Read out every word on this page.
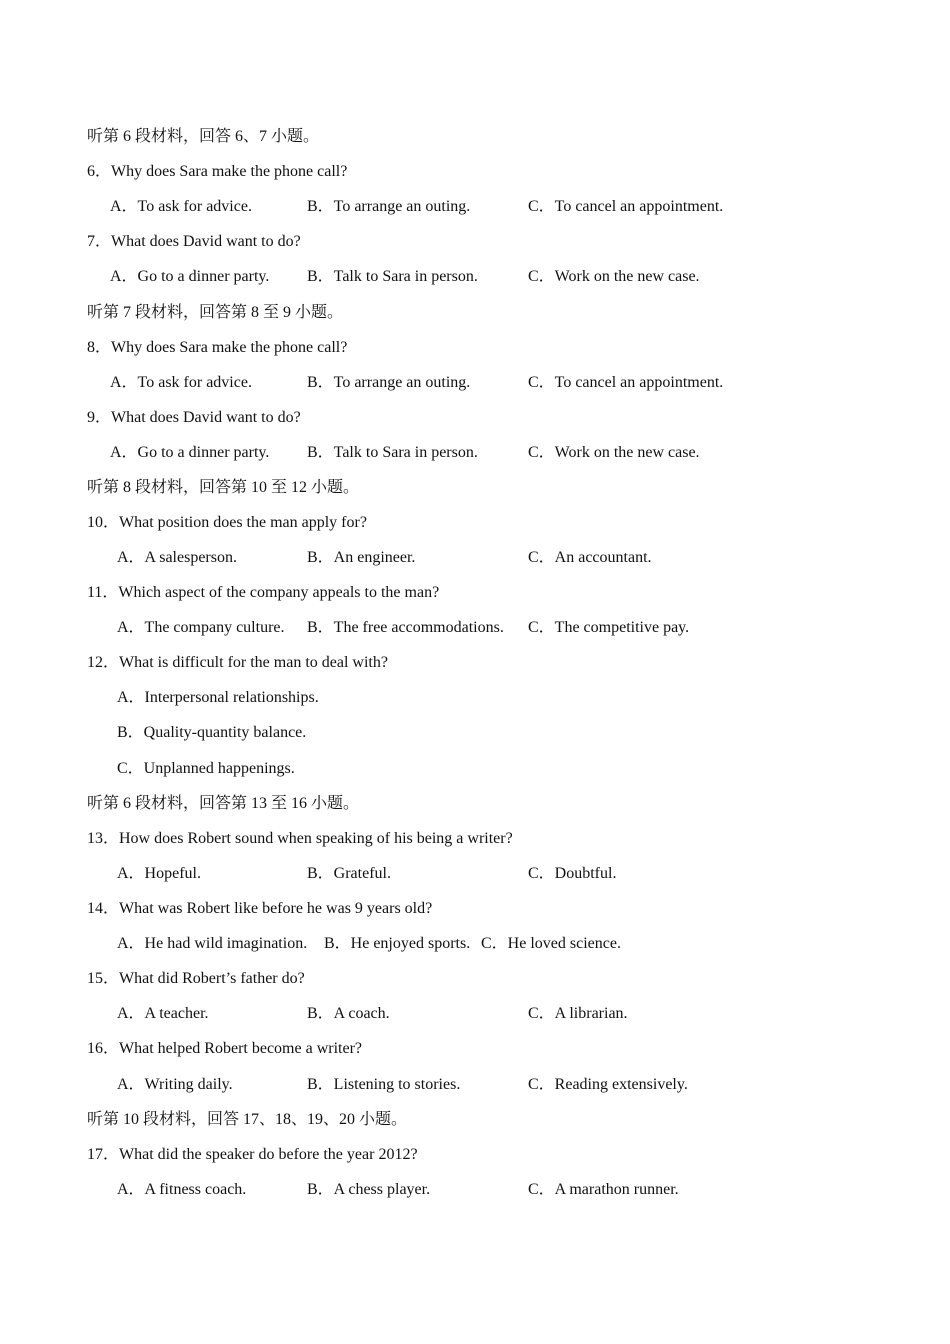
听第 6 段材料，回答 6、7 小题。
6．Why does Sara make the phone call?
A．To ask for advice.	B．To arrange an outing.	C．To cancel an appointment.
7．What does David want to do?
A．Go to a dinner party. B．Talk to Sara in person.	C．Work on the new case.
听第 7 段材料，回答第 8 至 9 小题。
8．Why does Sara make the phone call?
A．To ask for advice.	B．To arrange an outing.	C．To cancel an appointment.
9．What does David want to do?
A．Go to a dinner party. B．Talk to Sara in person.	C．Work on the new case.
听第 8 段材料，回答第 10 至 12 小题。
10．What position does the man apply for?
A．A salesperson.	B．An engineer.	C．An accountant.
11．Which aspect of the company appeals to the man?
A．The company culture. B．The free accommodations. C．The competitive pay.
12．What is difficult for the man to deal with?
A．Interpersonal relationships.
B．Quality-quantity balance.
C．Unplanned happenings.
听第 6 段材料，回答第 13 至 16 小题。
13．How does Robert sound when speaking of his being a writer?
A．Hopeful.	B．Grateful.	C．Doubtful.
14．What was Robert like before he was 9 years old?
A．He had wild imagination. B．He enjoyed sports. C．He loved science.
15．What did Robert’s father do?
A．A teacher.	B．A coach.	C．A librarian.
16．What helped Robert become a writer?
A．Writing daily.	B．Listening to stories.	C．Reading extensively.
听第 10 段材料，回答 17、18、19、20 小题。
17．What did the speaker do before the year 2012?
A．A fitness coach.	B．A chess player.	C．A marathon runner.
